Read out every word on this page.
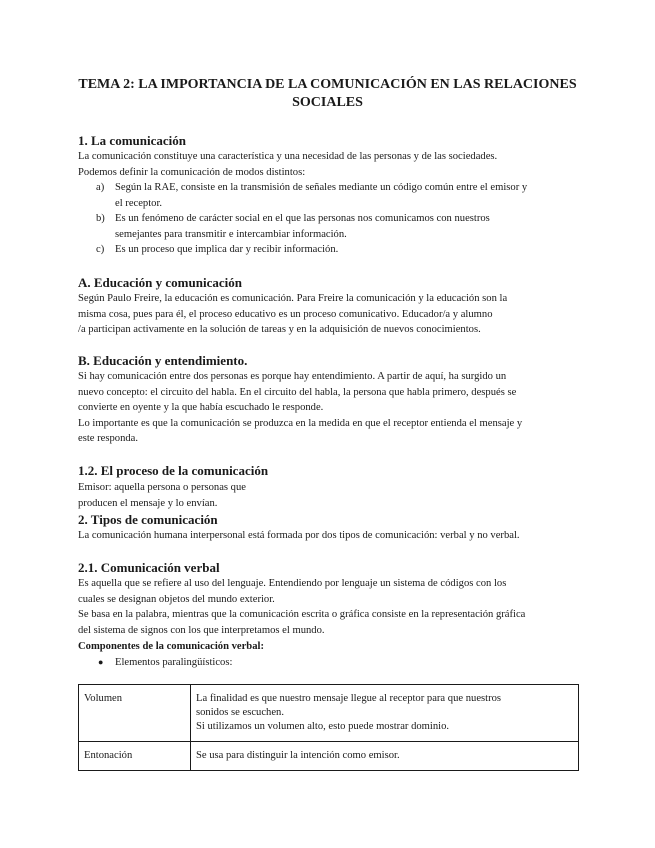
TEMA 2: LA IMPORTANCIA DE LA COMUNICACIÓN EN LAS RELACIONES
SOCIALES
1. La comunicación
La comunicación constituye una característica y una necesidad de las personas y de las sociedades.
Podemos definir la comunicación de modos distintos:
a) Según la RAE, consiste en la transmisión de señales mediante un código común entre el emisor y
el receptor.
b) Es un fenómeno de carácter social en el que las personas nos comunicamos con nuestros
semejantes para transmitir e intercambiar información.
c) Es un proceso que implica dar y recibir información.
A. Educación y comunicación
Según Paulo Freire, la educación es comunicación. Para Freire la comunicación y la educación son la
misma cosa, pues para él, el proceso educativo es un proceso comunicativo. Educador/a y alumno
/a participan activamente en la solución de tareas y en la adquisición de nuevos conocimientos.
B. Educación y entendimiento.
Si hay comunicación entre dos personas es porque hay entendimiento. A partir de aquí, ha surgido un
nuevo concepto: el circuito del habla. En el circuito del habla, la persona que habla primero, después se
convierte en oyente y la que había escuchado le responde.
Lo importante es que la comunicación se produzca en la medida en que el receptor entienda el mensaje y
este responda.
1.2. El proceso de la comunicación
Emisor: aquella persona o personas que
producen el mensaje y lo envían.
2. Tipos de comunicación
La comunicación humana interpersonal está formada por dos tipos de comunicación: verbal y no verbal.
2.1. Comunicación verbal
Es aquella que se refiere al uso del lenguaje. Entendiendo por lenguaje un sistema de códigos con los
cuales se designan objetos del mundo exterior.
Se basa en la palabra, mientras que la comunicación escrita o gráfica consiste en la representación gráfica
del sistema de signos con los que interpretamos el mundo.
Componentes de la comunicación verbal:
● Elementos paralingüísticos:
Volumen	La finalidad es que nuestro mensaje llegue al receptor para que nuestros
sonidos se escuchen.
Si utilizamos un volumen alto, esto puede mostrar dominio.

Entonación	Se usa para distinguir la intención como emisor.
